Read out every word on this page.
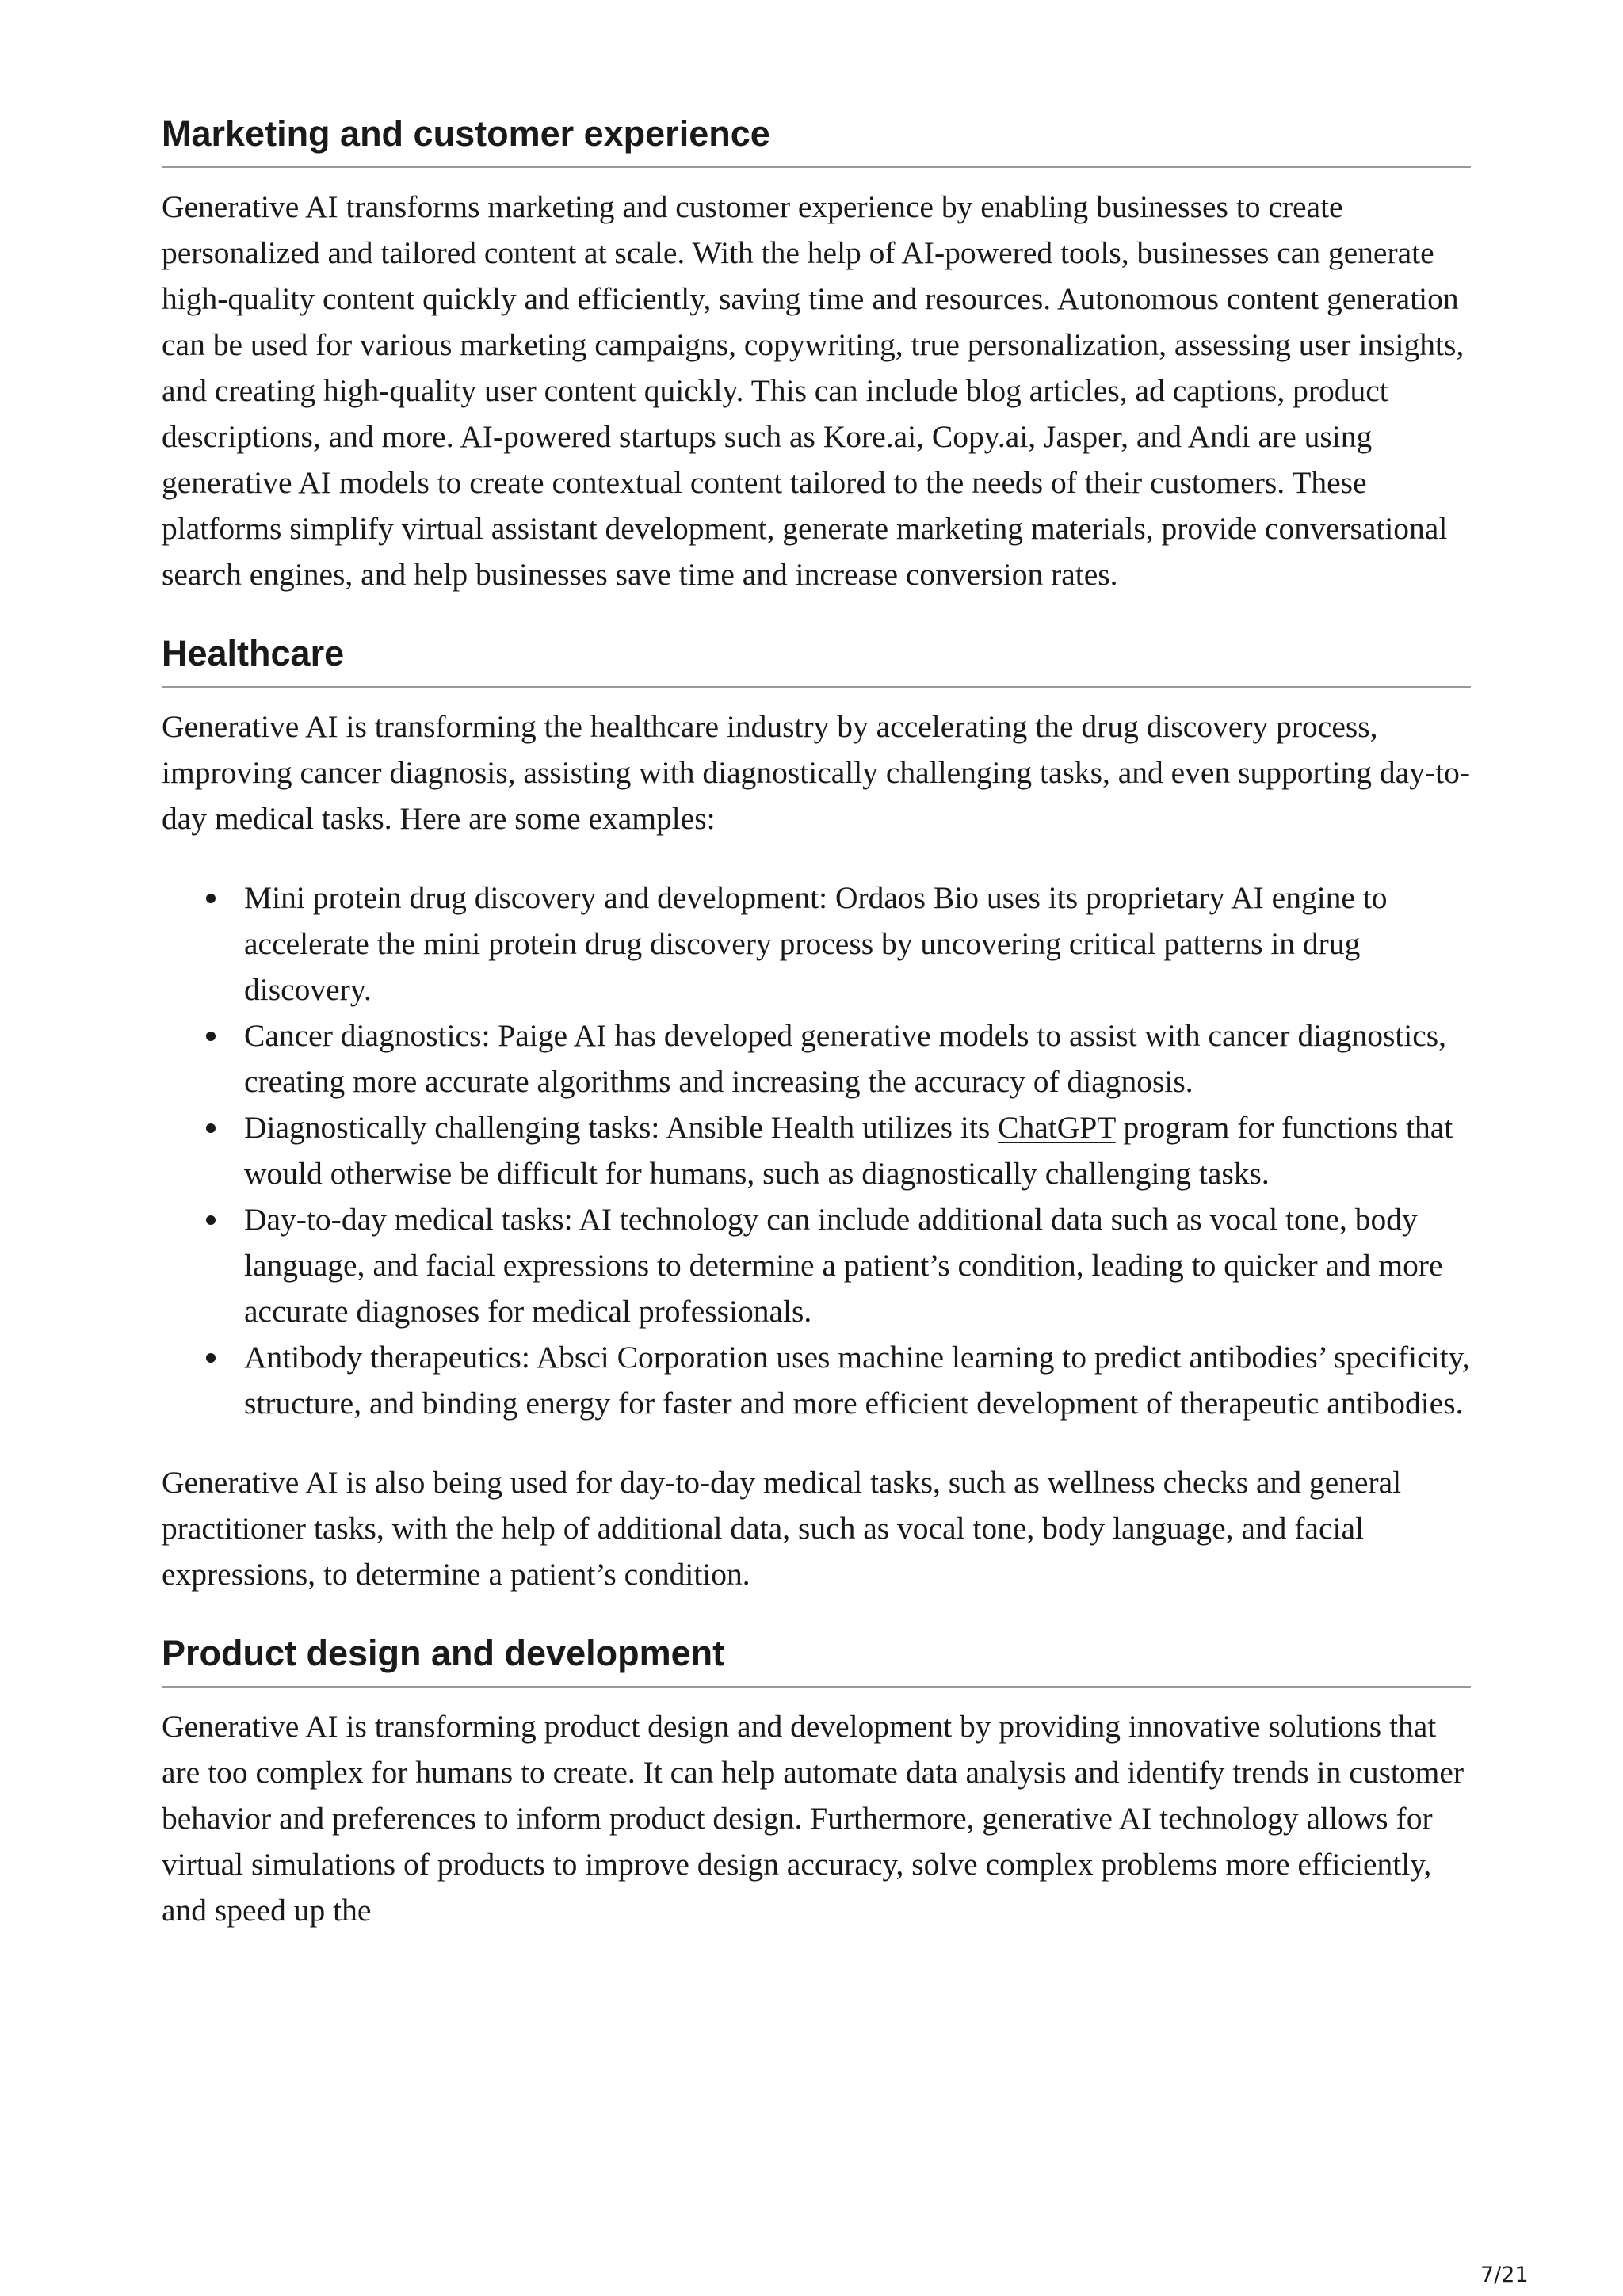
Marketing and customer experience

Generative AI transforms marketing and customer experience by enabling businesses to create personalized and tailored content at scale. With the help of AI-powered tools, businesses can generate high-quality content quickly and efficiently, saving time and resources. Autonomous content generation can be used for various marketing campaigns, copywriting, true personalization, assessing user insights, and creating high-quality user content quickly. This can include blog articles, ad captions, product descriptions, and more. AI-powered startups such as Kore.ai, Copy.ai, Jasper, and Andi are using generative AI models to create contextual content tailored to the needs of their customers. These platforms simplify virtual assistant development, generate marketing materials, provide conversational search engines, and help businesses save time and increase conversion rates.

Healthcare

Generative AI is transforming the healthcare industry by accelerating the drug discovery process, improving cancer diagnosis, assisting with diagnostically challenging tasks, and even supporting day-to-day medical tasks. Here are some examples:

Mini protein drug discovery and development: Ordaos Bio uses its proprietary AI engine to accelerate the mini protein drug discovery process by uncovering critical patterns in drug discovery.
Cancer diagnostics: Paige AI has developed generative models to assist with cancer diagnostics, creating more accurate algorithms and increasing the accuracy of diagnosis.
Diagnostically challenging tasks: Ansible Health utilizes its ChatGPT program for functions that would otherwise be difficult for humans, such as diagnostically challenging tasks.
Day-to-day medical tasks: AI technology can include additional data such as vocal tone, body language, and facial expressions to determine a patient’s condition, leading to quicker and more accurate diagnoses for medical professionals.
Antibody therapeutics: Absci Corporation uses machine learning to predict antibodies’ specificity, structure, and binding energy for faster and more efficient development of therapeutic antibodies.

Generative AI is also being used for day-to-day medical tasks, such as wellness checks and general practitioner tasks, with the help of additional data, such as vocal tone, body language, and facial expressions, to determine a patient’s condition.

Product design and development

Generative AI is transforming product design and development by providing innovative solutions that are too complex for humans to create. It can help automate data analysis and identify trends in customer behavior and preferences to inform product design. Furthermore, generative AI technology allows for virtual simulations of products to improve design accuracy, solve complex problems more efficiently, and speed up the

7/21
